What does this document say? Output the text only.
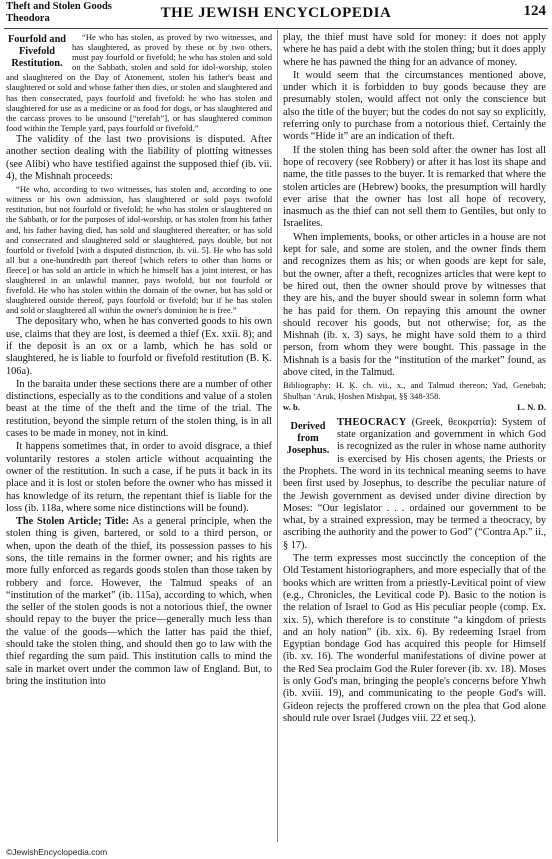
Theft and Stolen Goods
Theodora	THE JEWISH ENCYCLOPEDIA	124

Fourfold and Fivefold Restitution.
“He who has stolen, as proved by two witnesses, and has slaughtered, as proved by these or by two others, must pay fourfold or fivefold; he who has stolen and sold on the Sabbath, stolen and sold for idol-worship, stolen and slaughtered on the Day of Atonement, stolen his father's beast and slaughtered or sold and whose father then dies, or stolen and slaughtered and has then consecrated, pays fourfold and fivefold: he who has stolen and slaughtered for use as a medicine or as food for dogs, or has slaughtered and the carcass proves to be unsound [“ṭerefah”], or has slaughtered common food within the Temple yard, pays fourfold or fivefold.”

The validity of the last two provisions is disputed. After another section dealing with the liability of plotting witnesses (see Alibi) who have testified against the supposed thief (ib. vii. 4), the Mishnah proceeds:

“He who, according to two witnesses, has stolen and, according to one witness or his own admission, has slaughtered or sold pays twofold restitution, but not fourfold or fivefold; he who has stolen or slaughtered on the Sabbath, or for the purposes of idol-worship, or has stolen from his father and, his father having died, has sold and slaughtered thereafter, or has sold and consecrated and slaughtered sold or slaughtered, pays double, but not fourfold or fivefold [with a disputed distinction, ib. vii. 5]. He who has sold all but a one-hundredth part thereof [which refers to other than horns or fleece] or has sold an article in which he himself has a joint interest, or has slaughtered in an unlawful manner, pays twofold, but not fourfold or fivefold. He who has stolen within the domain of the owner, but has sold or slaughtered outside thereof, pays fourfold or fivefold; but if he has stolen and sold or slaughtered all within the owner's dominion he is free.”

The depositary who, when he has converted goods to his own use, claims that they are lost, is deemed a thief (Ex. xxii. 8); and if the deposit is an ox or a lamb, which he has sold or slaughtered, he is liable to fourfold or fivefold restitution (B. Ḳ. 106a).

In the baraita under these sections there are a number of other distinctions, especially as to the conditions and value of a stolen beast at the time of the theft and the time of the trial. The restitution, beyond the simple return of the stolen thing, is in all cases to be made in money, not in kind.

It happens sometimes that, in order to avoid disgrace, a thief voluntarily restores a stolen article without acquainting the owner of the restitution. In such a case, if he puts it back in its place and it is lost or stolen before the owner who has missed it has knowledge of its return, the repentant thief is liable for the loss (ib. 118a, where some nice distinctions will be found).

The Stolen Article; Title: As a general principle, when the stolen thing is given, bartered, or sold to a third person, or when, upon the death of the thief, its possession passes to his sons, the title remains in the former owner; and his rights are more fully enforced as regards goods stolen than those taken by robbery and force. However, the Talmud speaks of an “institution of the market” (ib. 115a), according to which, when the seller of the stolen goods is not a notorious thief, the owner should repay to the buyer the price—generally much less than the value of the goods—which the latter has paid the thief, should take the stolen thing, and should then go to law with the thief regarding the sum paid. This institution calls to mind the sale in market overt under the common law of England. But, to bring the institution into

play, the thief must have sold for money: it does not apply where he has paid a debt with the stolen thing; but it does apply where he has pawned the thing for an advance of money.

It would seem that the circumstances mentioned above, under which it is forbidden to buy goods because they are presumably stolen, would affect not only the conscience but also the title of the buyer; but the codes do not say so explicitly, referring only to purchase from a notorious thief. Certainly the words “Hide it” are an indication of theft.

If the stolen thing has been sold after the owner has lost all hope of recovery (see Robbery) or after it has lost its shape and name, the title passes to the buyer. It is remarked that where the stolen articles are (Hebrew) books, the presumption will hardly ever arise that the owner has lost all hope of recovery, inasmuch as the thief can not sell them to Gentiles, but only to Israelites.

When implements, books, or other articles in a house are not kept for sale, and some are stolen, and the owner finds them and recognizes them as his; or when goods are kept for sale, but the owner, after a theft, recognizes articles that were kept to be hired out, then the owner should prove by witnesses that they are his, and the buyer should swear in solemn form what he has paid for them. On repaying this amount the owner should recover his goods, but not otherwise; for, as the Mishnah (ib. x. 3) says, he might have sold them to a third person, from whom they were bought. This passage in the Mishnah is a basis for the “institution of the market” found, as above cited, in the Talmud.

Bibliography: H. Ḳ. ch. vii., x., and Talmud thereon; Yad, Genebah; Shulḥan ‘Aruk, Ḥoshen Mishpaṭ, §§ 348-358.

w. b.	L. N. D.

THEOCRACY
Derived from Josephus.
(Greek, θεοκρατία): System of state organization and government in which God is recognized as the ruler in whose name authority is exercised by His chosen agents, the Priests or the Prophets. The word in its technical meaning seems to have been first used by Josephus, to describe the peculiar nature of the Jewish government as devised under divine direction by Moses: “Our legislator . . . ordained our government to be what, by a strained expression, may be termed a theocracy, by ascribing the authority and the power to God” (“Contra Ap.” ii., § 17).

The term expresses most succinctly the conception of the Old Testament historiographers, and more especially that of the books which are written from a priestly-Levitical point of view (e.g., Chronicles, the Levitical code P). Basic to the notion is the relation of Israel to God as His peculiar people (comp. Ex. xix. 5), which therefore is to constitute “a kingdom of priests and an holy nation” (ib. xix. 6). By redeeming Israel from Egyptian bondage God has acquired this people for Himself (ib. xv. 16). The wonderful manifestations of divine power at the Red Sea proclaim God the Ruler forever (ib. xv. 18). Moses is only God's man, bringing the people's concerns before Yhwh (ib. xviii. 19), and communicating to the people God's will. Gideon rejects the proffered crown on the plea that God alone should rule over Israel (Judges viii. 22 et seq.).

©JewishEncyclopedia.com
